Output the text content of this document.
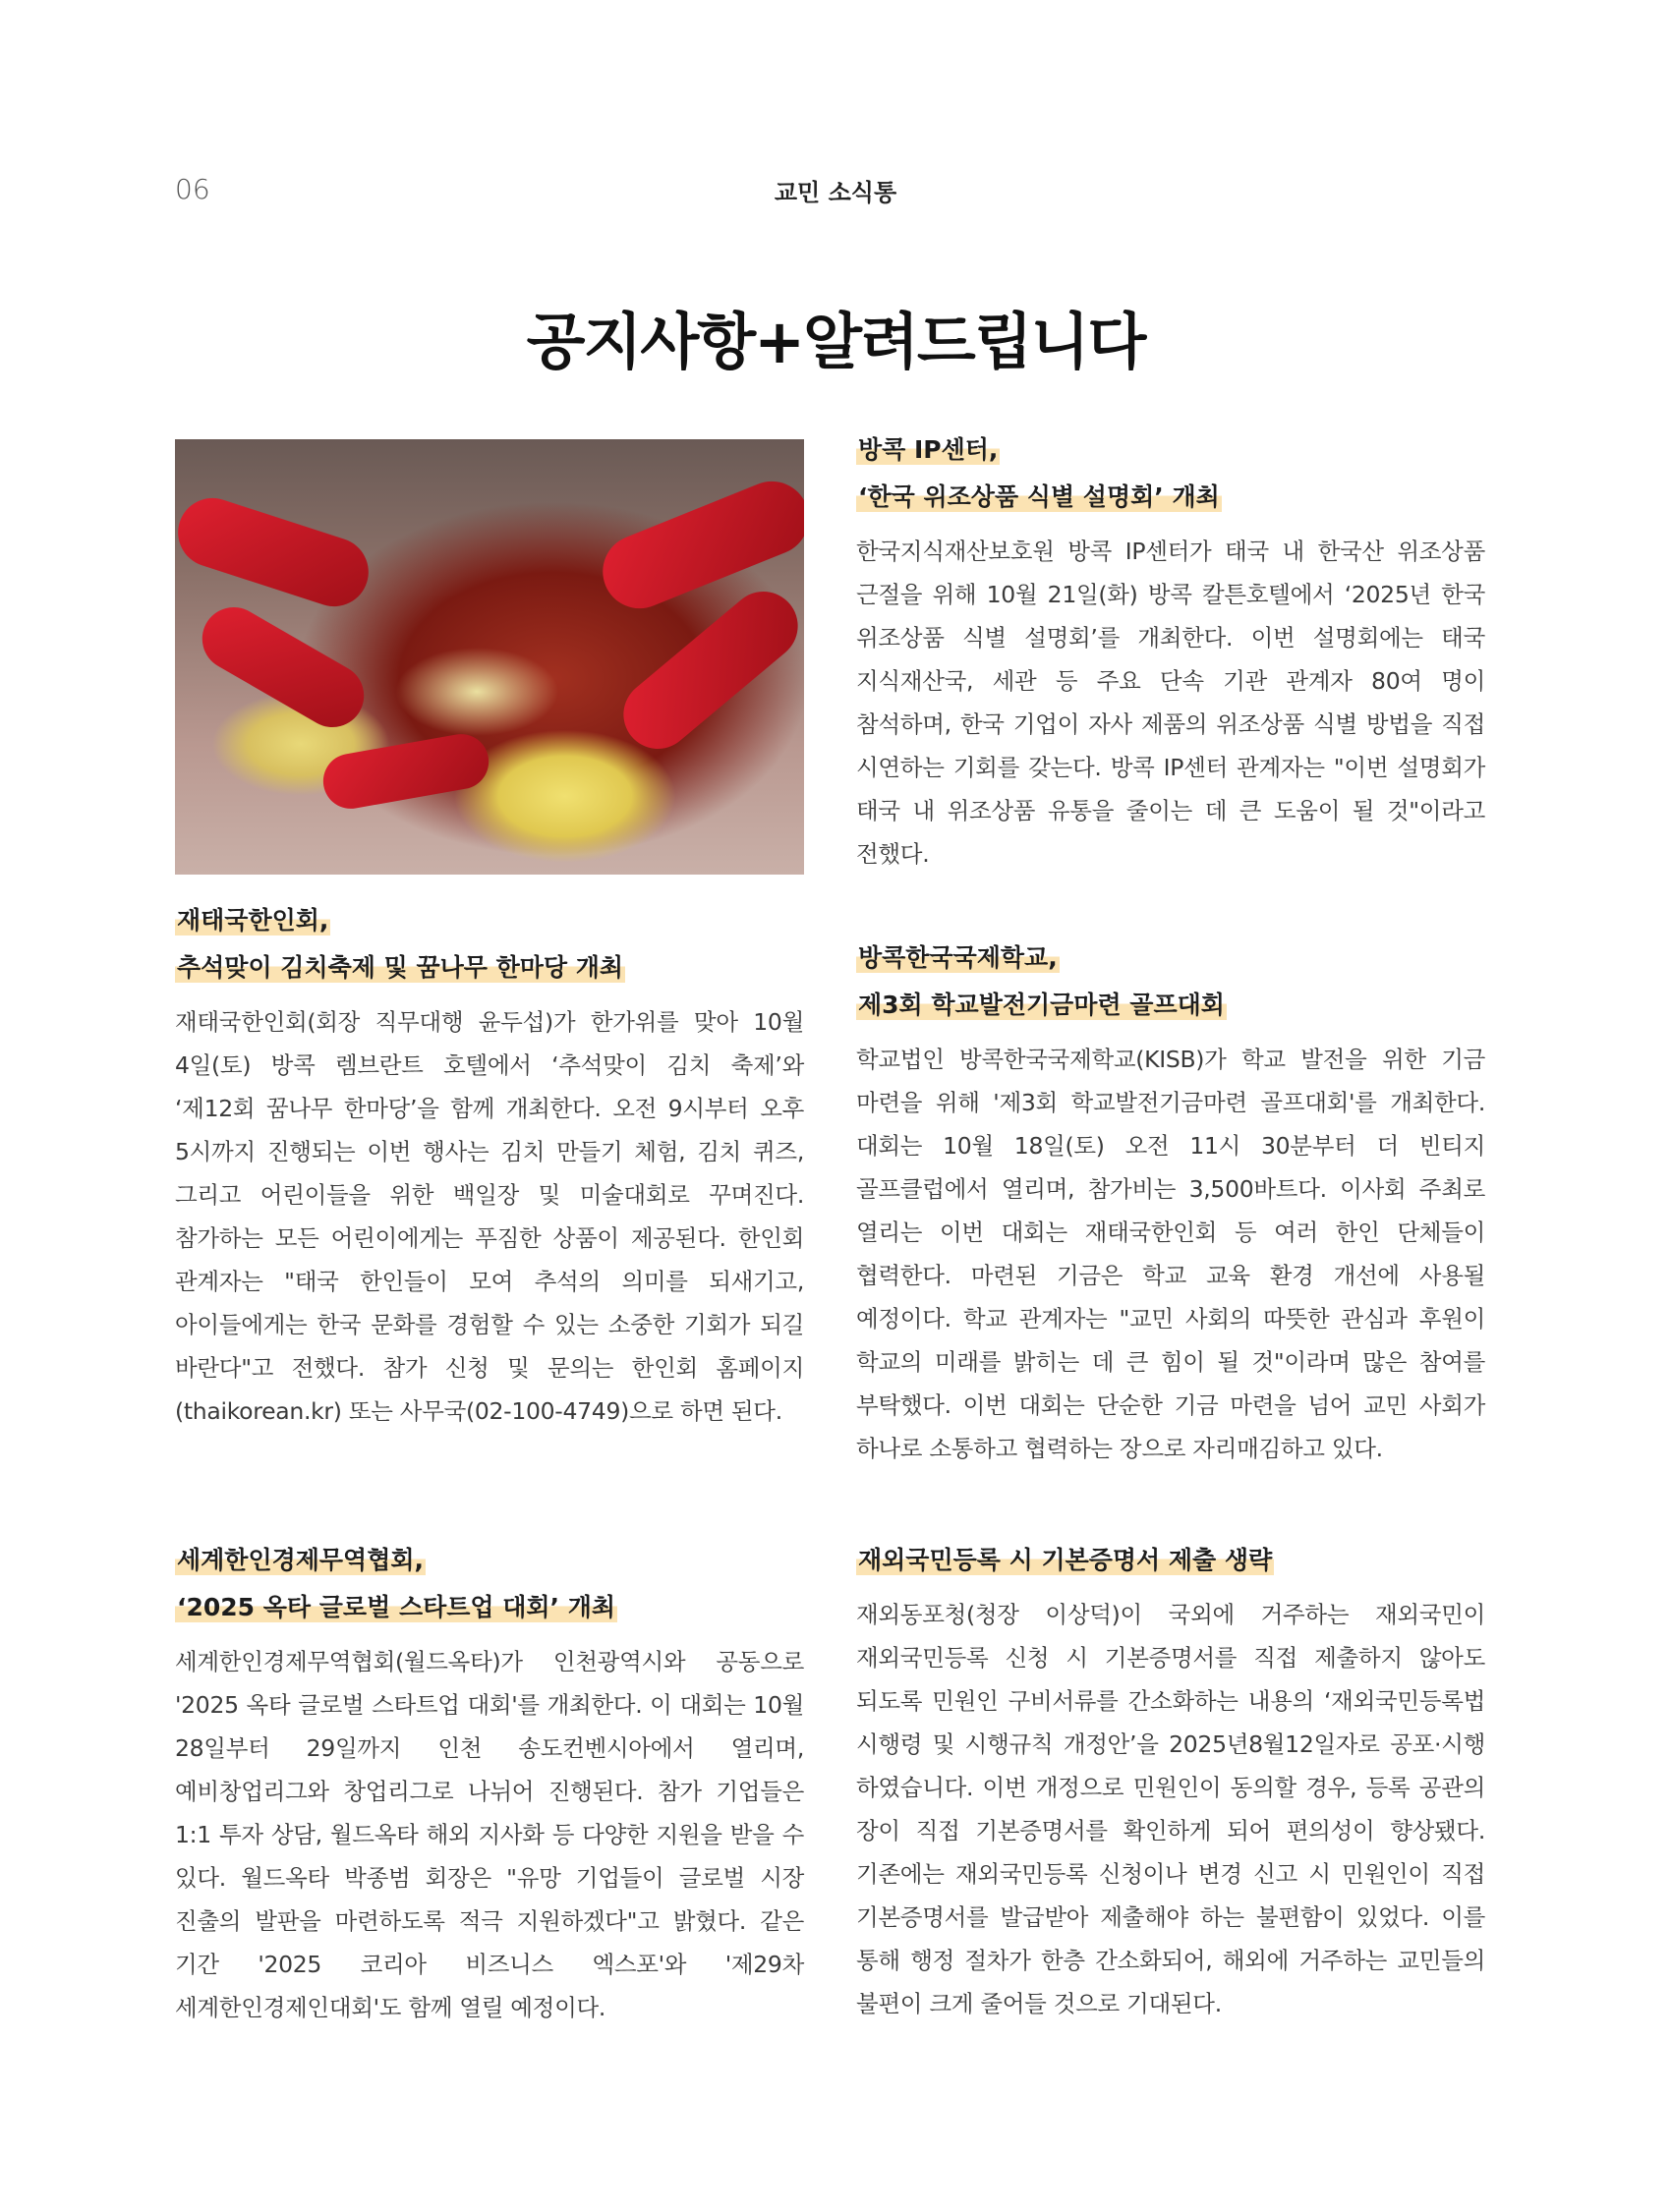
06	교민 소식통
공지사항+알려드립니다
재태국한인회,
추석맞이 김치축제 및 꿈나무 한마당 개최

재태국한인회(회장 직무대행 윤두섭)가 한가위를 맞아 10월 4일(토) 방콕 렘브란트 호텔에서 ‘추석맞이 김치 축제’와 ‘제12회 꿈나무 한마당’을 함께 개최한다. 오전 9시부터 오후 5시까지 진행되는 이번 행사는 김치 만들기 체험, 김치 퀴즈, 그리고 어린이들을 위한 백일장 및 미술대회로 꾸며진다. 참가하는 모든 어린이에게는 푸짐한 상품이 제공된다. 한인회 관계자는 "태국 한인들이 모여 추석의 의미를 되새기고, 아이들에게는 한국 문화를 경험할 수 있는 소중한 기회가 되길 바란다"고 전했다. 참가 신청 및 문의는 한인회 홈페이지(thaikorean.kr) 또는 사무국(02-100-4749)으로 하면 된다.

세계한인경제무역협회,
‘2025 옥타 글로벌 스타트업 대회’ 개최

세계한인경제무역협회(월드옥타)가 인천광역시와 공동으로 '2025 옥타 글로벌 스타트업 대회'를 개최한다. 이 대회는 10월 28일부터 29일까지 인천 송도컨벤시아에서 열리며, 예비창업리그와 창업리그로 나뉘어 진행된다. 참가 기업들은 1:1 투자 상담, 월드옥타 해외 지사화 등 다양한 지원을 받을 수 있다. 월드옥타 박종범 회장은 "유망 기업들이 글로벌 시장 진출의 발판을 마련하도록 적극 지원하겠다"고 밝혔다. 같은 기간 '2025 코리아 비즈니스 엑스포'와 '제29차 세계한인경제인대회'도 함께 열릴 예정이다.

방콕 IP센터,
‘한국 위조상품 식별 설명회’ 개최

한국지식재산보호원 방콕 IP센터가 태국 내 한국산 위조상품 근절을 위해 10월 21일(화) 방콕 칼튼호텔에서 ‘2025년 한국 위조상품 식별 설명회’를 개최한다. 이번 설명회에는 태국 지식재산국, 세관 등 주요 단속 기관 관계자 80여 명이 참석하며, 한국 기업이 자사 제품의 위조상품 식별 방법을 직접 시연하는 기회를 갖는다. 방콕 IP센터 관계자는 "이번 설명회가 태국 내 위조상품 유통을 줄이는 데 큰 도움이 될 것"이라고 전했다.

방콕한국국제학교,
제3회 학교발전기금마련 골프대회

학교법인 방콕한국국제학교(KISB)가 학교 발전을 위한 기금 마련을 위해 '제3회 학교발전기금마련 골프대회'를 개최한다. 대회는 10월 18일(토) 오전 11시 30분부터 더 빈티지 골프클럽에서 열리며, 참가비는 3,500바트다. 이사회 주최로 열리는 이번 대회는 재태국한인회 등 여러 한인 단체들이 협력한다. 마련된 기금은 학교 교육 환경 개선에 사용될 예정이다. 학교 관계자는 "교민 사회의 따뜻한 관심과 후원이 학교의 미래를 밝히는 데 큰 힘이 될 것"이라며 많은 참여를 부탁했다. 이번 대회는 단순한 기금 마련을 넘어 교민 사회가 하나로 소통하고 협력하는 장으로 자리매김하고 있다.

재외국민등록 시 기본증명서 제출 생략

재외동포청(청장 이상덕)이 국외에 거주하는 재외국민이 재외국민등록 신청 시 기본증명서를 직접 제출하지 않아도 되도록 민원인 구비서류를 간소화하는 내용의 ‘재외국민등록법 시행령 및 시행규칙 개정안’을 2025년8월12일자로 공포·시행 하였습니다. 이번 개정으로 민원인이 동의할 경우, 등록 공관의 장이 직접 기본증명서를 확인하게 되어 편의성이 향상됐다. 기존에는 재외국민등록 신청이나 변경 신고 시 민원인이 직접 기본증명서를 발급받아 제출해야 하는 불편함이 있었다. 이를 통해 행정 절차가 한층 간소화되어, 해외에 거주하는 교민들의 불편이 크게 줄어들 것으로 기대된다.
